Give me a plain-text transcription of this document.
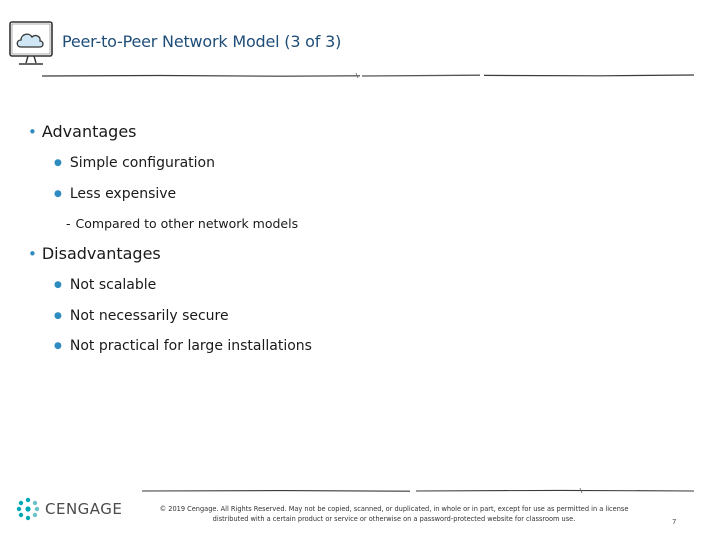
Peer-to-Peer Network Model (3 of 3)
• Advantages
● Simple configuration
● Less expensive
- Compared to other network models
• Disadvantages
● Not scalable
● Not necessarily secure
● Not practical for large installations
CENGAGE	© 2019 Cengage. All Rights Reserved. May not be copied, scanned, or duplicated, in whole or in part, except for use as permitted in a license
distributed with a certain product or service or otherwise on a password-protected website for classroom use.	7
